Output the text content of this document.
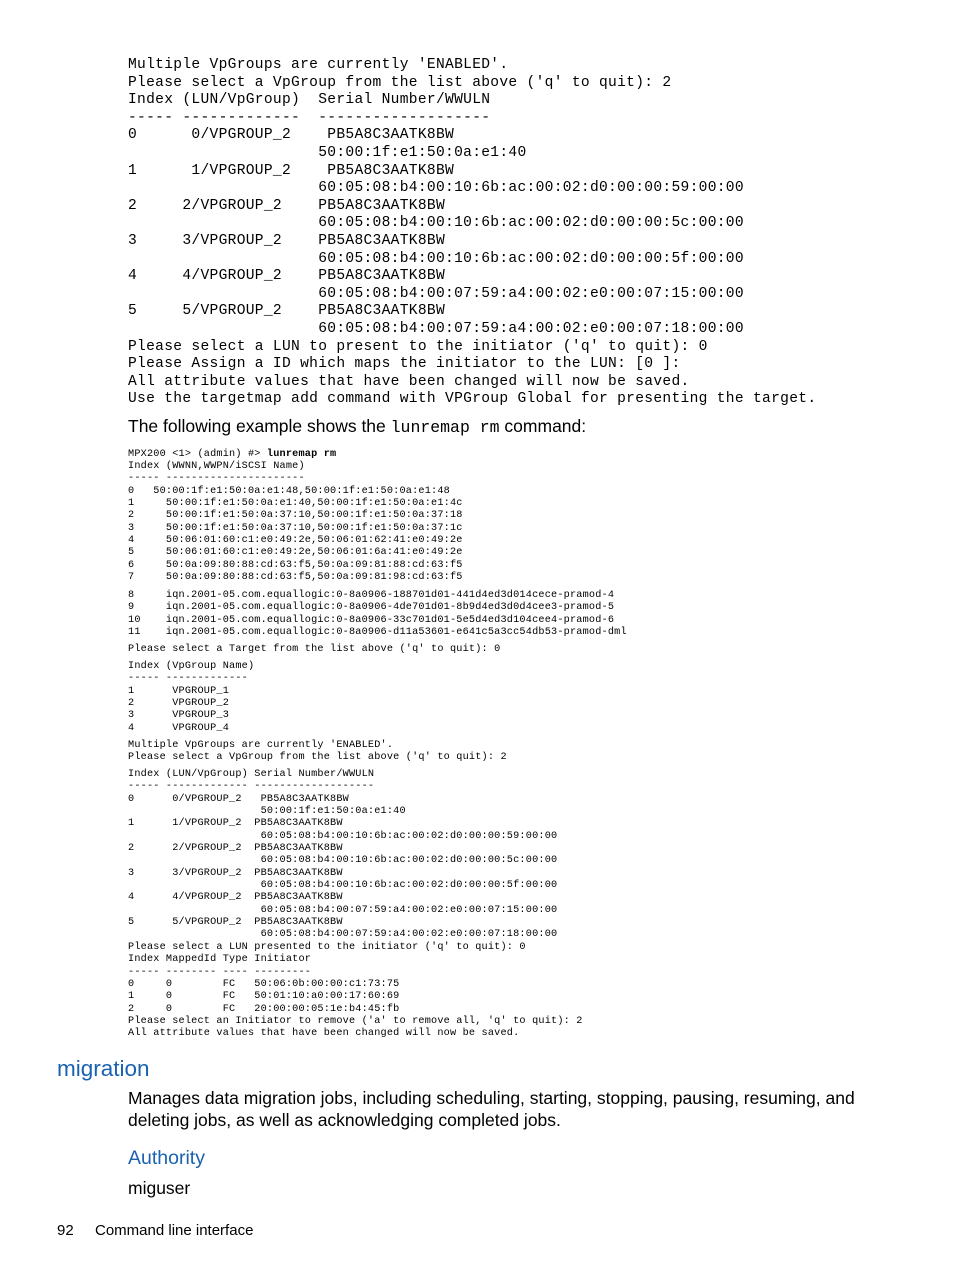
Multiple VpGroups are currently 'ENABLED'.
Please select a VpGroup from the list above ('q' to quit): 2
Index (LUN/VpGroup)  Serial Number/WWULN
----- -------------  -------------------
0      0/VPGROUP_2    PB5A8C3AATK8BW
50:00:1f:e1:50:0a:e1:40
1      1/VPGROUP_2    PB5A8C3AATK8BW
60:05:08:b4:00:10:6b:ac:00:02:d0:00:00:59:00:00
2     2/VPGROUP_2    PB5A8C3AATK8BW
60:05:08:b4:00:10:6b:ac:00:02:d0:00:00:5c:00:00
3     3/VPGROUP_2    PB5A8C3AATK8BW
60:05:08:b4:00:10:6b:ac:00:02:d0:00:00:5f:00:00
4     4/VPGROUP_2    PB5A8C3AATK8BW
60:05:08:b4:00:07:59:a4:00:02:e0:00:07:15:00:00
5     5/VPGROUP_2    PB5A8C3AATK8BW
60:05:08:b4:00:07:59:a4:00:02:e0:00:07:18:00:00
Please select a LUN to present to the initiator ('q' to quit): 0
Please Assign a ID which maps the initiator to the LUN: [0 ]:
All attribute values that have been changed will now be saved.
Use the targetmap add command with VPGroup Global for presenting the target.
The following example shows the lunremap rm command:
MPX200 <1> (admin) #> lunremap rm
Index (WWNN,WWPN/iSCSI Name)
----- ----------------------
0   50:00:1f:e1:50:0a:e1:48,50:00:1f:e1:50:0a:e1:48
1     50:00:1f:e1:50:0a:e1:40,50:00:1f:e1:50:0a:e1:4c
2     50:00:1f:e1:50:0a:37:10,50:00:1f:e1:50:0a:37:18
3     50:00:1f:e1:50:0a:37:10,50:00:1f:e1:50:0a:37:1c
4     50:06:01:60:c1:e0:49:2e,50:06:01:62:41:e0:49:2e
5     50:06:01:60:c1:e0:49:2e,50:06:01:6a:41:e0:49:2e
6     50:0a:09:80:88:cd:63:f5,50:0a:09:81:88:cd:63:f5
7     50:0a:09:80:88:cd:63:f5,50:0a:09:81:98:cd:63:f5
8     iqn.2001-05.com.equallogic:0-8a0906-188701d01-441d4ed3d014cece-pramod-4
9     iqn.2001-05.com.equallogic:0-8a0906-4de701d01-8b9d4ed3d0d4cee3-pramod-5
10    iqn.2001-05.com.equallogic:0-8a0906-33c701d01-5e5d4ed3d104cee4-pramod-6
11    iqn.2001-05.com.equallogic:0-8a0906-d11a53601-e641c5a3cc54db53-pramod-dml
Please select a Target from the list above ('q' to quit): 0
Index (VpGroup Name)
----- -------------
1      VPGROUP_1
2      VPGROUP_2
3      VPGROUP_3
4      VPGROUP_4
Multiple VpGroups are currently 'ENABLED'.
Please select a VpGroup from the list above ('q' to quit): 2
Index (LUN/VpGroup) Serial Number/WWULN
----- ------------- -------------------
0      0/VPGROUP_2   PB5A8C3AATK8BW
50:00:1f:e1:50:0a:e1:40
1      1/VPGROUP_2  PB5A8C3AATK8BW
60:05:08:b4:00:10:6b:ac:00:02:d0:00:00:59:00:00
2      2/VPGROUP_2  PB5A8C3AATK8BW
60:05:08:b4:00:10:6b:ac:00:02:d0:00:00:5c:00:00
3      3/VPGROUP_2  PB5A8C3AATK8BW
60:05:08:b4:00:10:6b:ac:00:02:d0:00:00:5f:00:00
4      4/VPGROUP_2  PB5A8C3AATK8BW
60:05:08:b4:00:07:59:a4:00:02:e0:00:07:15:00:00
5      5/VPGROUP_2  PB5A8C3AATK8BW
60:05:08:b4:00:07:59:a4:00:02:e0:00:07:18:00:00
Please select a LUN presented to the initiator ('q' to quit): 0
Index MappedId Type Initiator
----- -------- ---- ---------
0     0        FC   50:06:0b:00:00:c1:73:75
1     0        FC   50:01:10:a0:00:17:60:69
2     0        FC   20:00:00:05:1e:b4:45:fb
Please select an Initiator to remove ('a' to remove all, 'q' to quit): 2
All attribute values that have been changed will now be saved.
migration
Manages data migration jobs, including scheduling, starting, stopping, pausing, resuming, and deleting jobs, as well as acknowledging completed jobs.
Authority
miguser
92 Command line interface
